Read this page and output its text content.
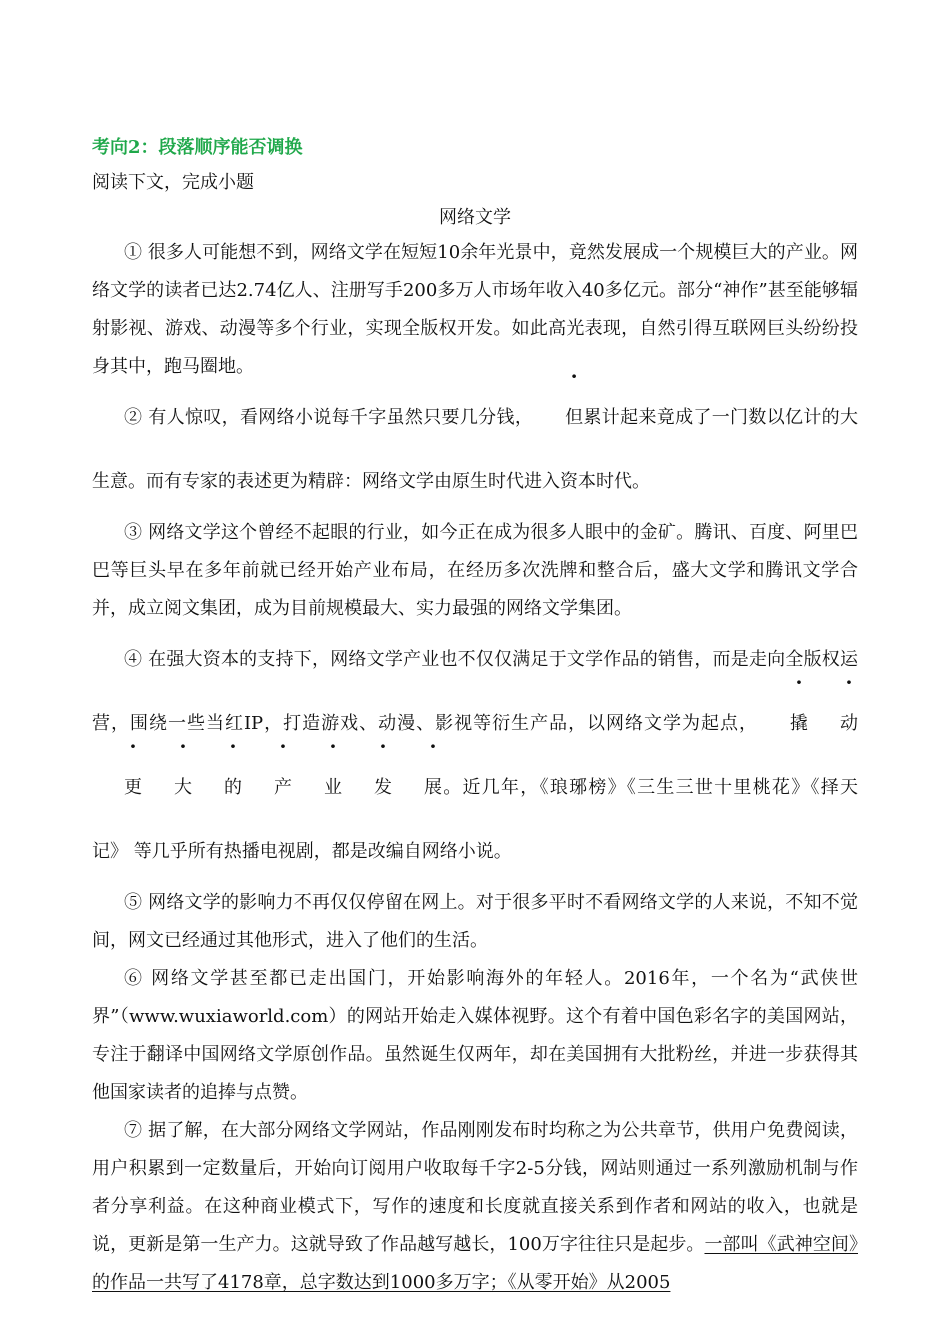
考向2：段落顺序能否调换

阅读下文，完成小题

网络文学

① 很多人可能想不到，网络文学在短短10余年光景中，竟然发展成一个规模巨大的产业。网络文学的读者已达2.74亿人、注册写手200多万人市场年收入40多亿元。部分“神作”甚至能够辐射影视、游戏、动漫等多个行业，实现全版权开发。如此高光表现，自然引得互联网巨头纷纷投身其中，跑马圈地。

② 有人惊叹，看网络小说每千字虽然只要几分钱， 但累计起来竟成了一门数以亿计的大生意。而有专家的表述更为精辟：网络文学由原生时代进入资本时代。

③ 网络文学这个曾经不起眼的行业，如今正在成为很多人眼中的金矿。腾讯、百度、阿里巴巴等巨头早在多年前就已经开始产业布局，在经历多次洗牌和整合后，盛大文学和腾讯文学合并，成立阅文集团，成为目前规模最大、实力最强的网络文学集团。

④ 在强大资本的支持下，网络文学产业也不仅仅满足于文学作品的销售，而是走向全版权运营，围绕一些当红IP，打造游戏、动漫、影视等衍生产品，以网络文学为起点， 撬 动更 大 的 产 业 发 展。近几年，《琅琊榜》《三生三世十里桃花》《择天记》 等几乎所有热播电视剧，都是改编自网络小说。

⑤ 网络文学的影响力不再仅仅停留在网上。对于很多平时不看网络文学的人来说，不知不觉间，网文已经通过其他形式，进入了他们的生活。

⑥ 网络文学甚至都已走出国门，开始影响海外的年轻人。2016年，一个名为“武侠世界”（www.wuxiaworld.com）的网站开始走入媒体视野。这个有着中国色彩名字的美国网站，专注于翻译中国网络文学原创作品。虽然诞生仅两年，却在美国拥有大批粉丝，并进一步获得其他国家读者的追捧与点赞。

⑦ 据了解，在大部分网络文学网站，作品刚刚发布时均称之为公共章节，供用户免费阅读，用户积累到一定数量后，开始向订阅用户收取每千字2-5分钱，网站则通过一系列激励机制与作者分享利益。在这种商业模式下，写作的速度和长度就直接关系到作者和网站的收入，也就是说，更新是第一生产力。这就导致了作品越写越长，100万字往往只是起步。一部叫《武神空间》的作品一共写了4178章，总字数达到1000多万字；《从零开始》从2005
